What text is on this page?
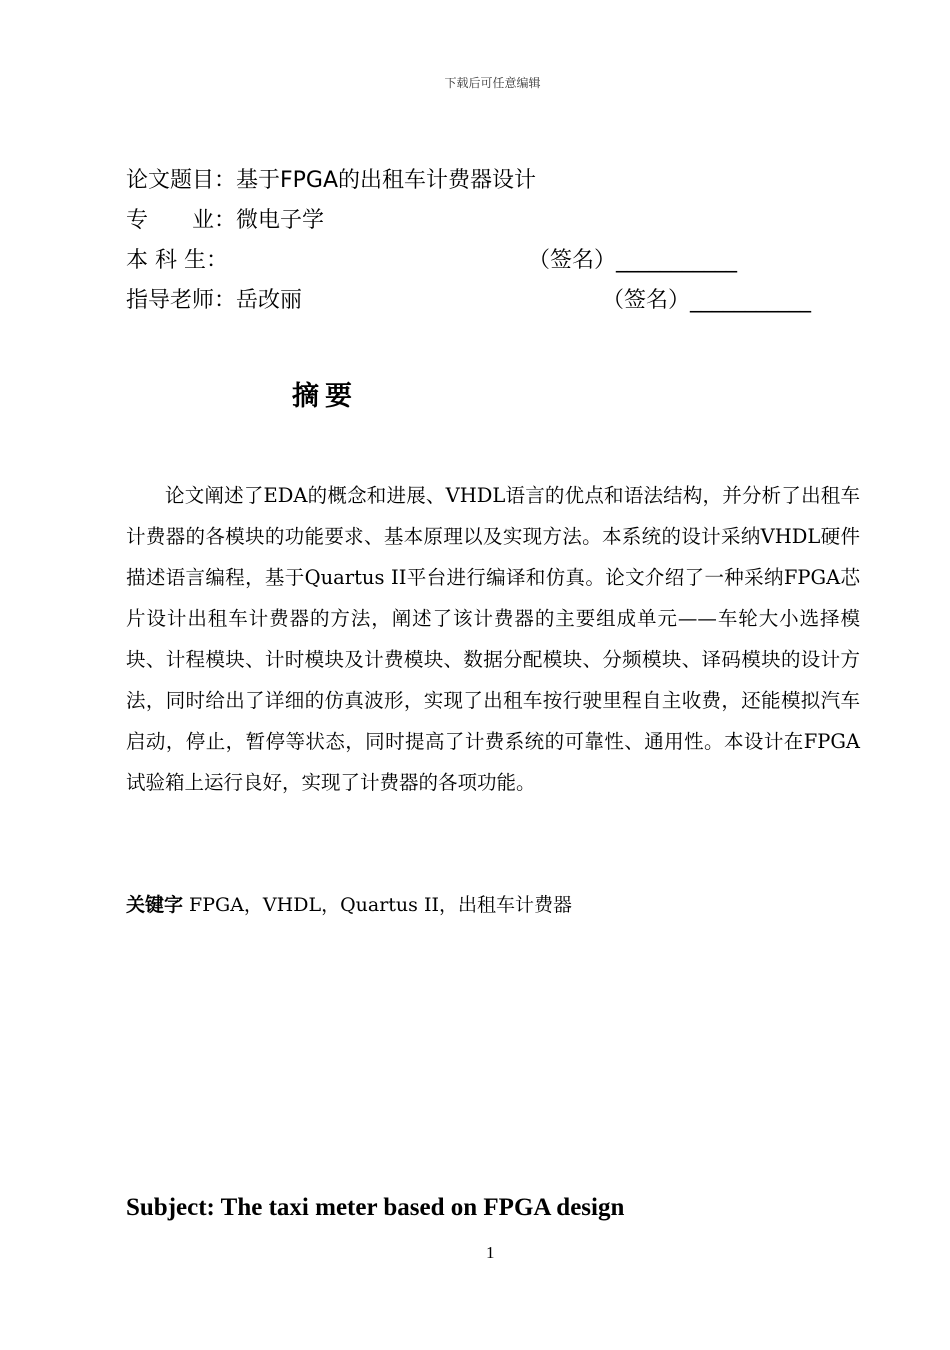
下载后可任意编辑
论文题目：基于FPGA的出租车计费器设计
专　　业：微电子学
本 科 生：	（签名）___________
指导老师：岳改丽	（签名）___________
摘要

论文阐述了EDA的概念和进展、VHDL语言的优点和语法结构，并分析了出租车计费器的各模块的功能要求、基本原理以及实现方法。本系统的设计采纳VHDL硬件描述语言编程，基于Quartus II平台进行编译和仿真。论文介绍了一种采纳FPGA芯片设计出租车计费器的方法，阐述了该计费器的主要组成单元——车轮大小选择模块、计程模块、计时模块及计费模块、数据分配模块、分频模块、译码模块的设计方法，同时给出了详细的仿真波形，实现了出租车按行驶里程自主收费，还能模拟汽车启动，停止，暂停等状态，同时提高了计费系统的可靠性、通用性。本设计在FPGA试验箱上运行良好，实现了计费器的各项功能。

关键字 FPGA，VHDL，Quartus II，出租车计费器
Subject: The taxi meter based on FPGA design
1
